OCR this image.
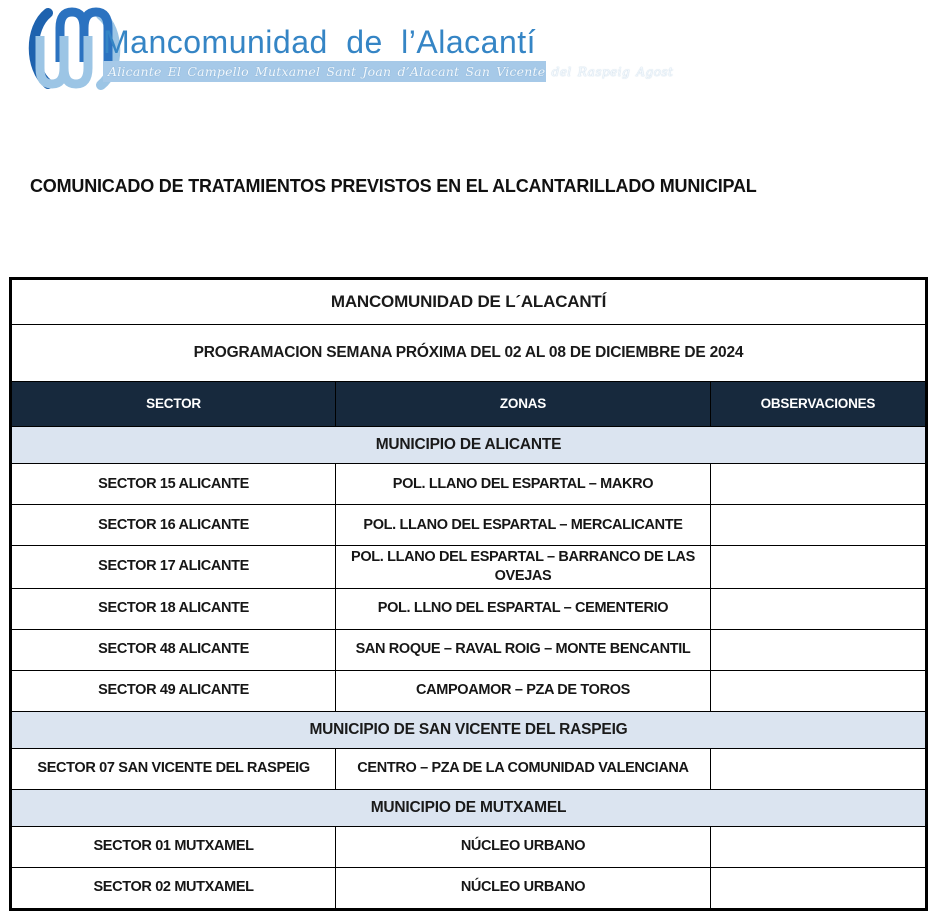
Mancomunidad de l’Alacantí
Alicante El Campello Mutxamel Sant Joan d’Alacant San Vicente del Raspeig Agost
COMUNICADO DE TRATAMIENTOS PREVISTOS EN EL ALCANTARILLADO MUNICIPAL
MANCOMUNIDAD DE L´ALACANTÍ		
PROGRAMACION SEMANA PRÓXIMA DEL 02 AL 08 DE DICIEMBRE DE 2024		
SECTOR	ZONAS	OBSERVACIONES
MUNICIPIO DE ALICANTE		
SECTOR 15 ALICANTE	POL. LLANO DEL ESPARTAL – MAKRO	
SECTOR 16 ALICANTE	POL. LLANO DEL ESPARTAL – MERCALICANTE	
SECTOR 17 ALICANTE	POL. LLANO DEL ESPARTAL – BARRANCO DE LAS OVEJAS	
SECTOR 18 ALICANTE	POL. LLNO DEL ESPARTAL – CEMENTERIO	
SECTOR 48 ALICANTE	SAN ROQUE – RAVAL ROIG – MONTE BENCANTIL	
SECTOR 49 ALICANTE	CAMPOAMOR – PZA DE TOROS	
MUNICIPIO DE SAN VICENTE DEL RASPEIG		
SECTOR 07 SAN VICENTE DEL RASPEIG	CENTRO – PZA DE LA COMUNIDAD VALENCIANA	
MUNICIPIO DE MUTXAMEL		
SECTOR 01 MUTXAMEL	NÚCLEO URBANO	
SECTOR 02 MUTXAMEL	NÚCLEO URBANO	
